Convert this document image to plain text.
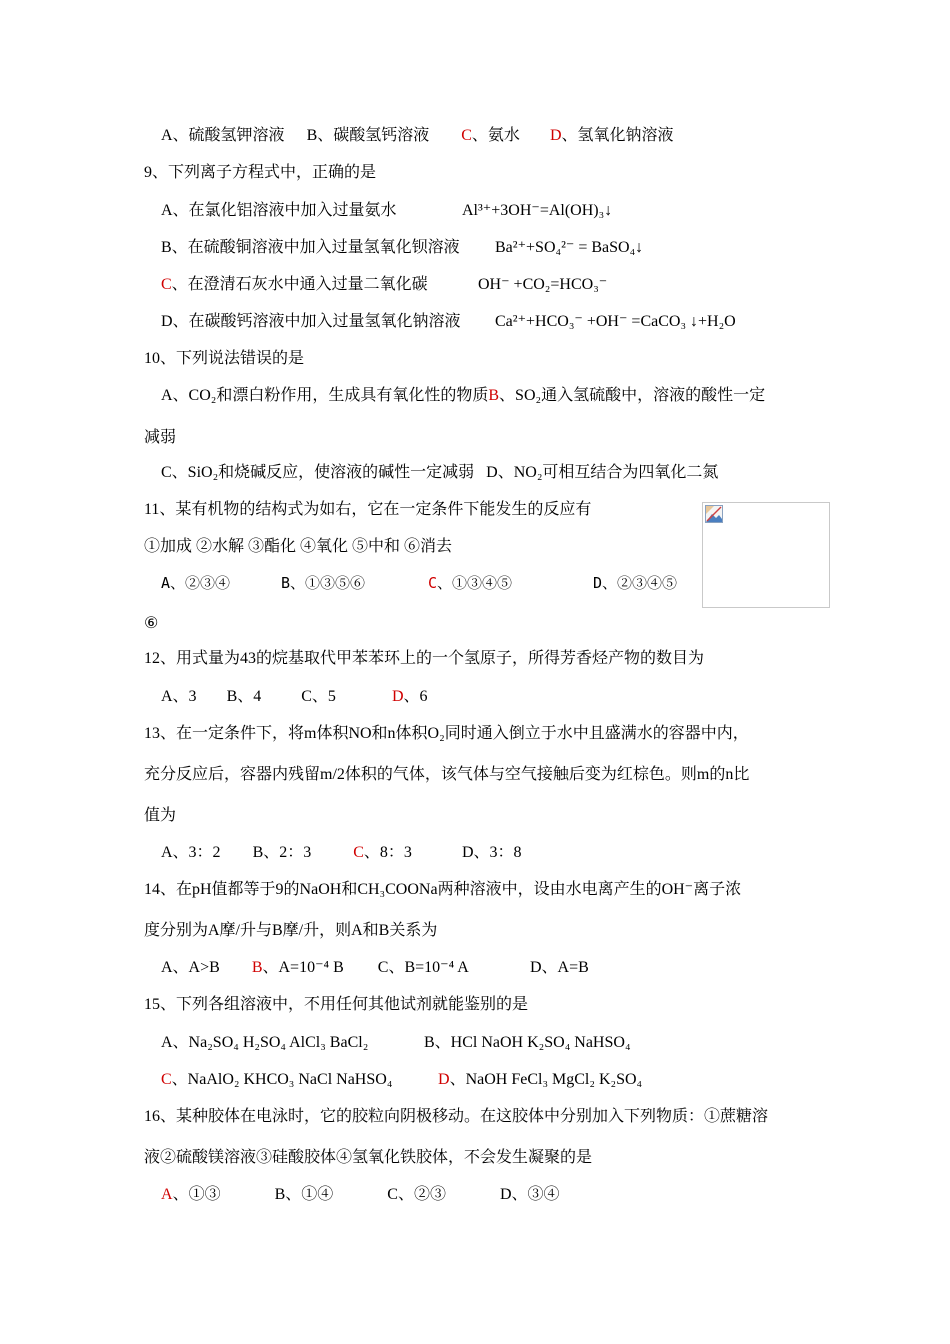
A、硫酸氢钾溶液 B、碳酸氢钙溶液 C、氨水 D、氢氧化钠溶液
9、下列离子方程式中，正确的是
A、在氯化铝溶液中加入过量氨水	Al³⁺+3OH⁻=Al(OH)₃↓
B、在硫酸铜溶液中加入过量氢氧化钡溶液 Ba²⁺+SO₄²⁻ = BaSO₄↓
C、在澄清石灰水中通入过量二氧化碳	OH⁻ +CO₂=HCO₃⁻
D、在碳酸钙溶液中加入过量氢氧化钠溶液 Ca²⁺+HCO₃⁻ +OH⁻ =CaCO₃ ↓+H₂O
10、下列说法错误的是
A、CO₂和漂白粉作用，生成具有氧化性的物质B、SO₂通入氢硫酸中，溶液的酸性一定
减弱
C、SiO₂和烧碱反应，使溶液的碱性一定减弱 D、NO₂可相互结合为四氧化二氮
11、某有机物的结构式为如右，它在一定条件下能发生的反应有
①加成 ②水解 ③酯化 ④氧化 ⑤中和 ⑥消去
A、②③④	B、①③⑤⑥	C、①③④⑤	D、②③④⑤
⑥
12、用式量为43的烷基取代甲苯苯环上的一个氢原子，所得芳香烃产物的数目为
A、3 B、4	C、5	D、6
13、在一定条件下，将m体积NO和n体积O₂同时通入倒立于水中且盛满水的容器中内，
充分反应后，容器内残留m/2体积的气体，该气体与空气接触后变为红棕色。则m的n比
值为
A、3：2 B、2：3	C、8：3	D、3：8
14、在pH值都等于9的NaOH和CH₃COONa两种溶液中，设由水电离产生的OH⁻离子浓
度分别为A摩/升与B摩/升，则A和B关系为
A、A>B B、A=10⁻⁴ B C、B=10⁻⁴ A	D、A=B
15、下列各组溶液中，不用任何其他试剂就能鉴别的是
A、Na₂SO₄ H₂SO₄ AlCl₃ BaCl₂	B、HCl NaOH K₂SO₄ NaHSO₄
C、NaAlO₂ KHCO₃ NaCl NaHSO₄	D、NaOH FeCl₃ MgCl₂ K₂SO₄
16、某种胶体在电泳时，它的胶粒向阴极移动。在这胶体中分别加入下列物质：①蔗糖溶
液②硫酸镁溶液③硅酸胶体④氢氧化铁胶体，不会发生凝聚的是
A、①③	B、①④	C、②③	D、③④
